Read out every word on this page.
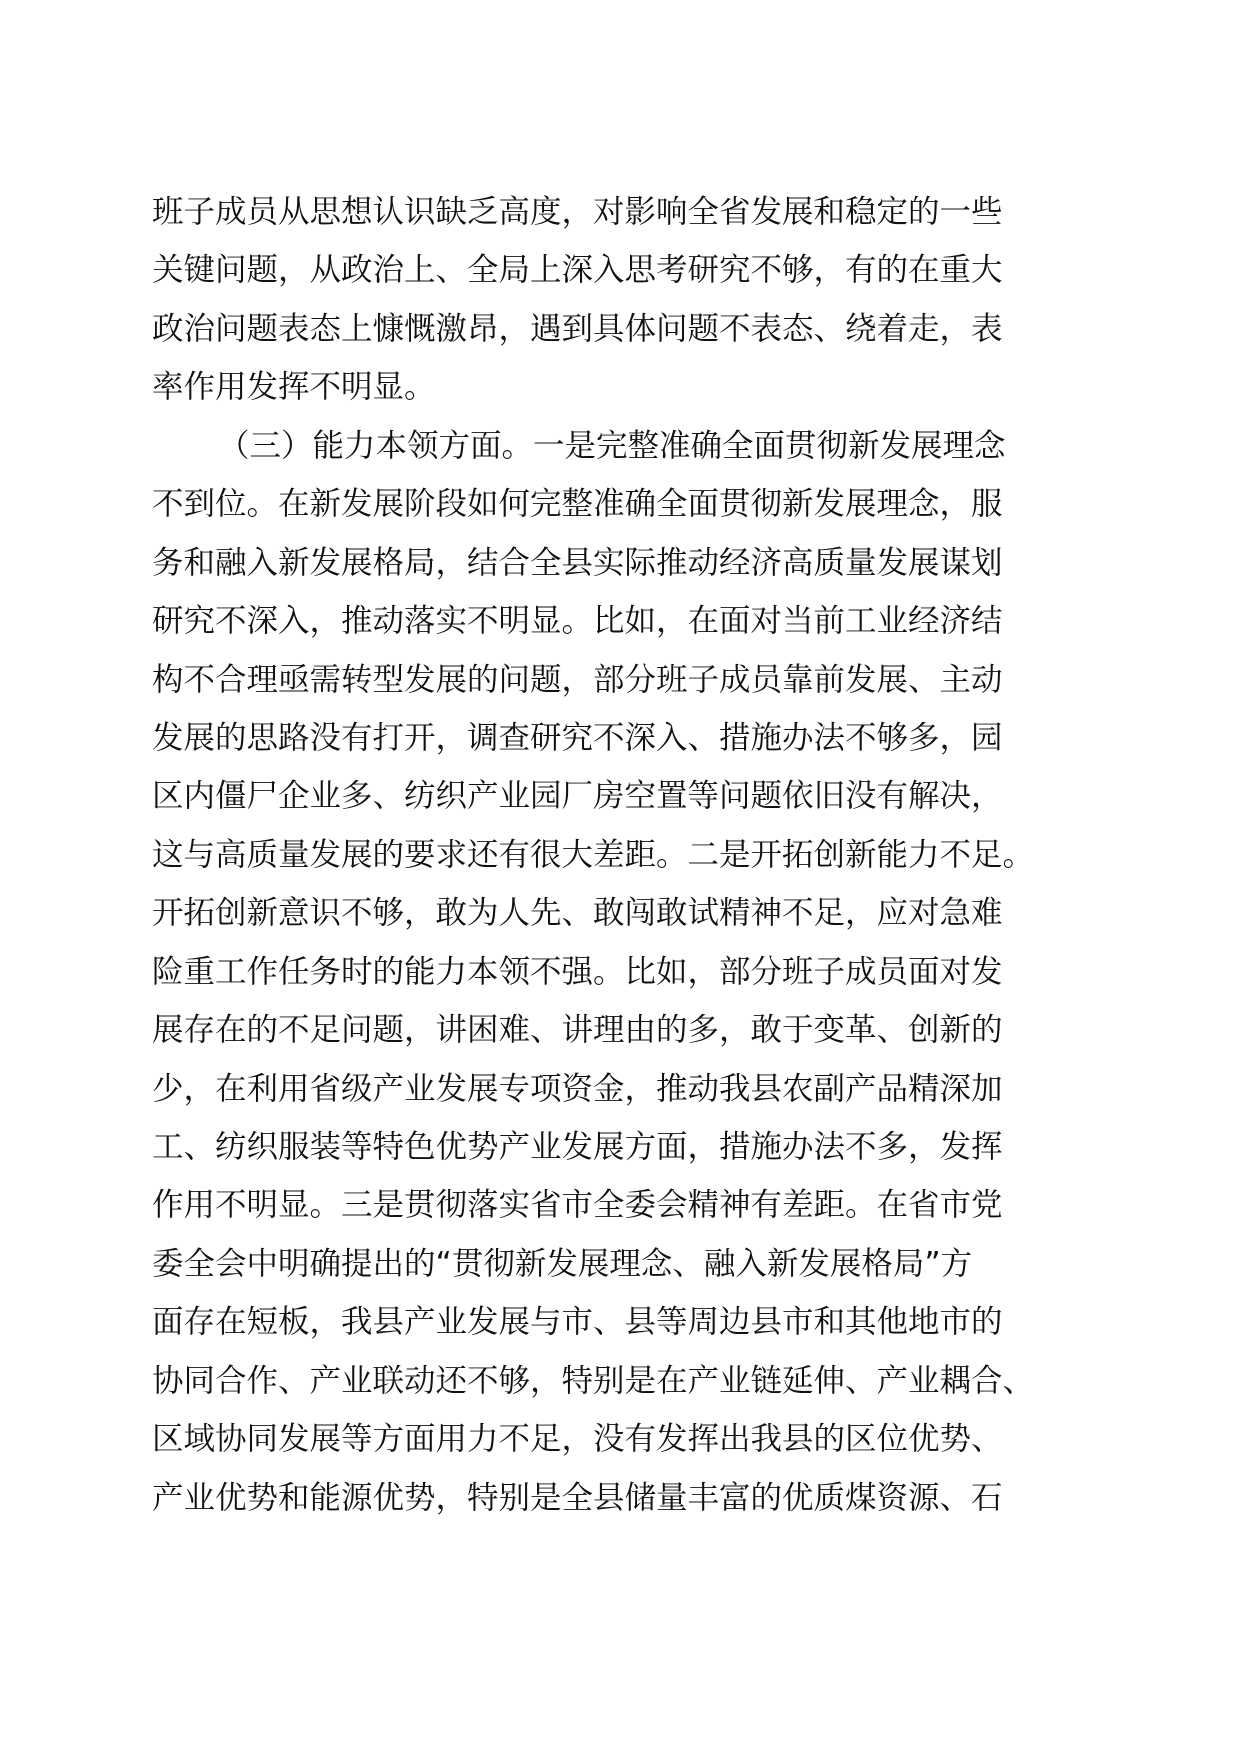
班子成员从思想认识缺乏高度，对影响全省发展和稳定的一些
关键问题，从政治上、全局上深入思考研究不够，有的在重大
政治问题表态上慷慨激昂，遇到具体问题不表态、绕着走，表
率作用发挥不明显。
（三）能力本领方面。一是完整准确全面贯彻新发展理念
不到位。在新发展阶段如何完整准确全面贯彻新发展理念，服
务和融入新发展格局，结合全县实际推动经济高质量发展谋划
研究不深入，推动落实不明显。比如，在面对当前工业经济结
构不合理亟需转型发展的问题，部分班子成员靠前发展、主动
发展的思路没有打开，调查研究不深入、措施办法不够多，园
区内僵尸企业多、纺织产业园厂房空置等问题依旧没有解决，
这与高质量发展的要求还有很大差距。二是开拓创新能力不足。
开拓创新意识不够，敢为人先、敢闯敢试精神不足，应对急难
险重工作任务时的能力本领不强。比如，部分班子成员面对发
展存在的不足问题，讲困难、讲理由的多，敢于变革、创新的
少，在利用省级产业发展专项资金，推动我县农副产品精深加
工、纺织服装等特色优势产业发展方面，措施办法不多，发挥
作用不明显。三是贯彻落实省市全委会精神有差距。在省市党
委全会中明确提出的“贯彻新发展理念、融入新发展格局”方
面存在短板，我县产业发展与市、县等周边县市和其他地市的
协同合作、产业联动还不够，特别是在产业链延伸、产业耦合、
区域协同发展等方面用力不足，没有发挥出我县的区位优势、
产业优势和能源优势，特别是全县储量丰富的优质煤资源、石
